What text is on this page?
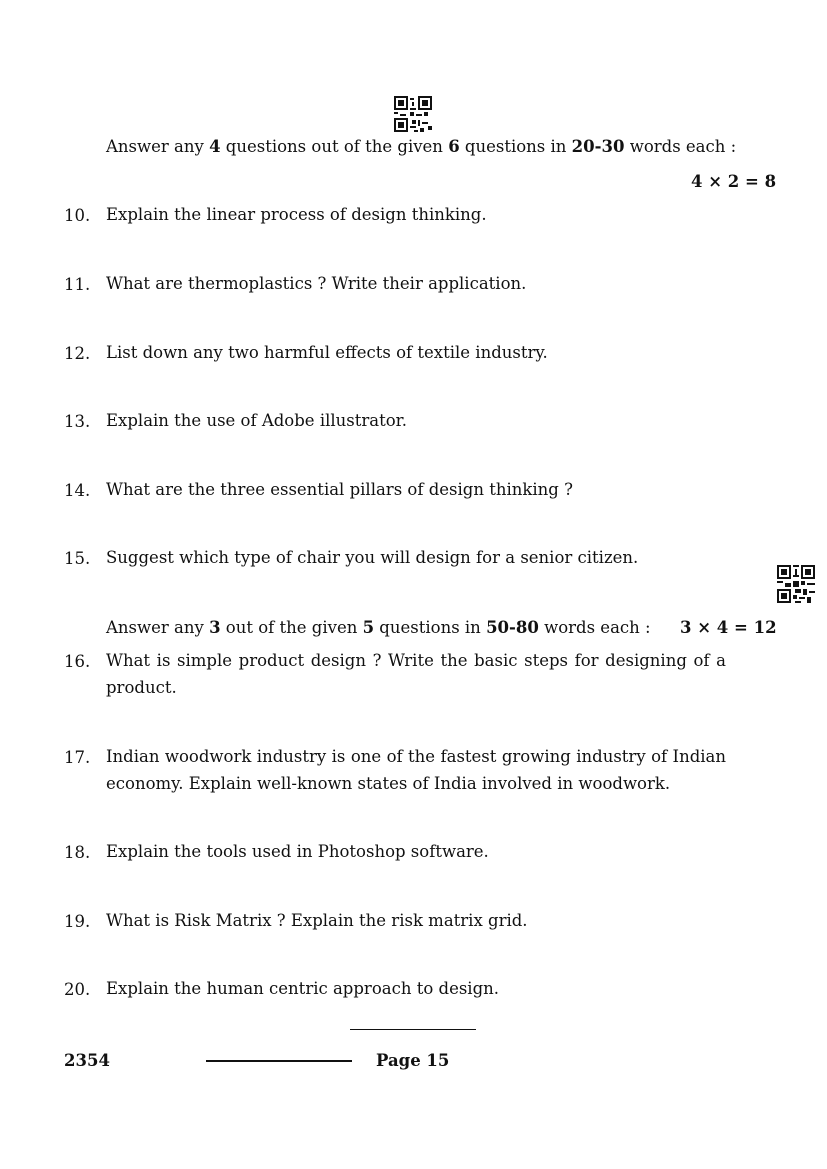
Answer any 4 questions out of the given 6 questions in 20-30 words each :
4 × 2 = 8
10. Explain the linear process of design thinking.
11. What are thermoplastics ? Write their application.
12. List down any two harmful effects of textile industry.
13. Explain the use of Adobe illustrator.
14. What are the three essential pillars of design thinking ?
15. Suggest which type of chair you will design for a senior citizen.
Answer any 3 out of the given 5 questions in 50-80 words each : 3 × 4 = 12
16. What is simple product design ? Write the basic steps for designing of a product.
17. Indian woodwork industry is one of the fastest growing industry of Indian economy. Explain well-known states of India involved in woodwork.
18. Explain the tools used in Photoshop software.
19. What is Risk Matrix ? Explain the risk matrix grid.
20. Explain the human centric approach to design.
2354	Page 15
